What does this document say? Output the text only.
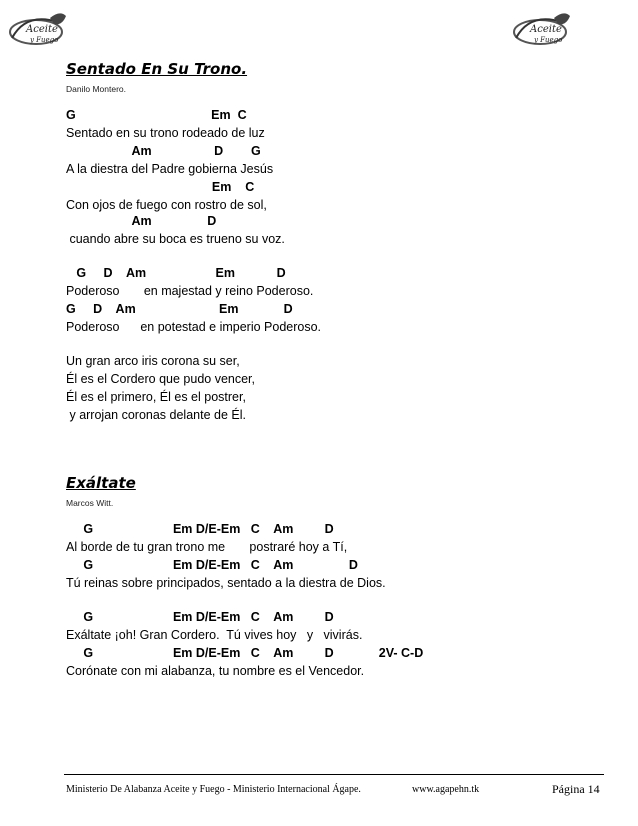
Aceite
y Fuego
Aceite
y Fuego
Sentado En Su Trono.
Danilo Montero.
G                                       Em  C
Sentado en su trono rodeado de luz
Am                  D        G
A la diestra del Padre gobierna Jesús
Em    C
Con ojos de fuego con rostro de sol,
Am                D
cuando abre su boca es trueno su voz.
G     D    Am                    Em            D
Poderoso       en majestad y reino Poderoso.
G     D    Am                        Em             D
Poderoso      en potestad e imperio Poderoso.
Un gran arco iris corona su ser,
Él es el Cordero que pudo vencer,
Él es el primero, Él es el postrer,
y arrojan coronas delante de Él.
Exáltate
Marcos Witt.
G                       Em D/E-Em   C    Am         D
Al borde de tu gran trono me       postraré hoy a Tí,
G                       Em D/E-Em   C    Am                D
Tú reinas sobre principados, sentado a la diestra de Dios.
G                       Em D/E-Em   C    Am         D
Exáltate ¡oh! Gran Cordero.  Tú vives hoy   y   vivirás.
G                       Em D/E-Em   C    Am         D             2V- C-D
Corónate con mi alabanza, tu nombre es el Vencedor.
Ministerio De Alabanza Aceite y Fuego - Ministerio Internacional Ágape.	www.agapehn.tk	Página 14
